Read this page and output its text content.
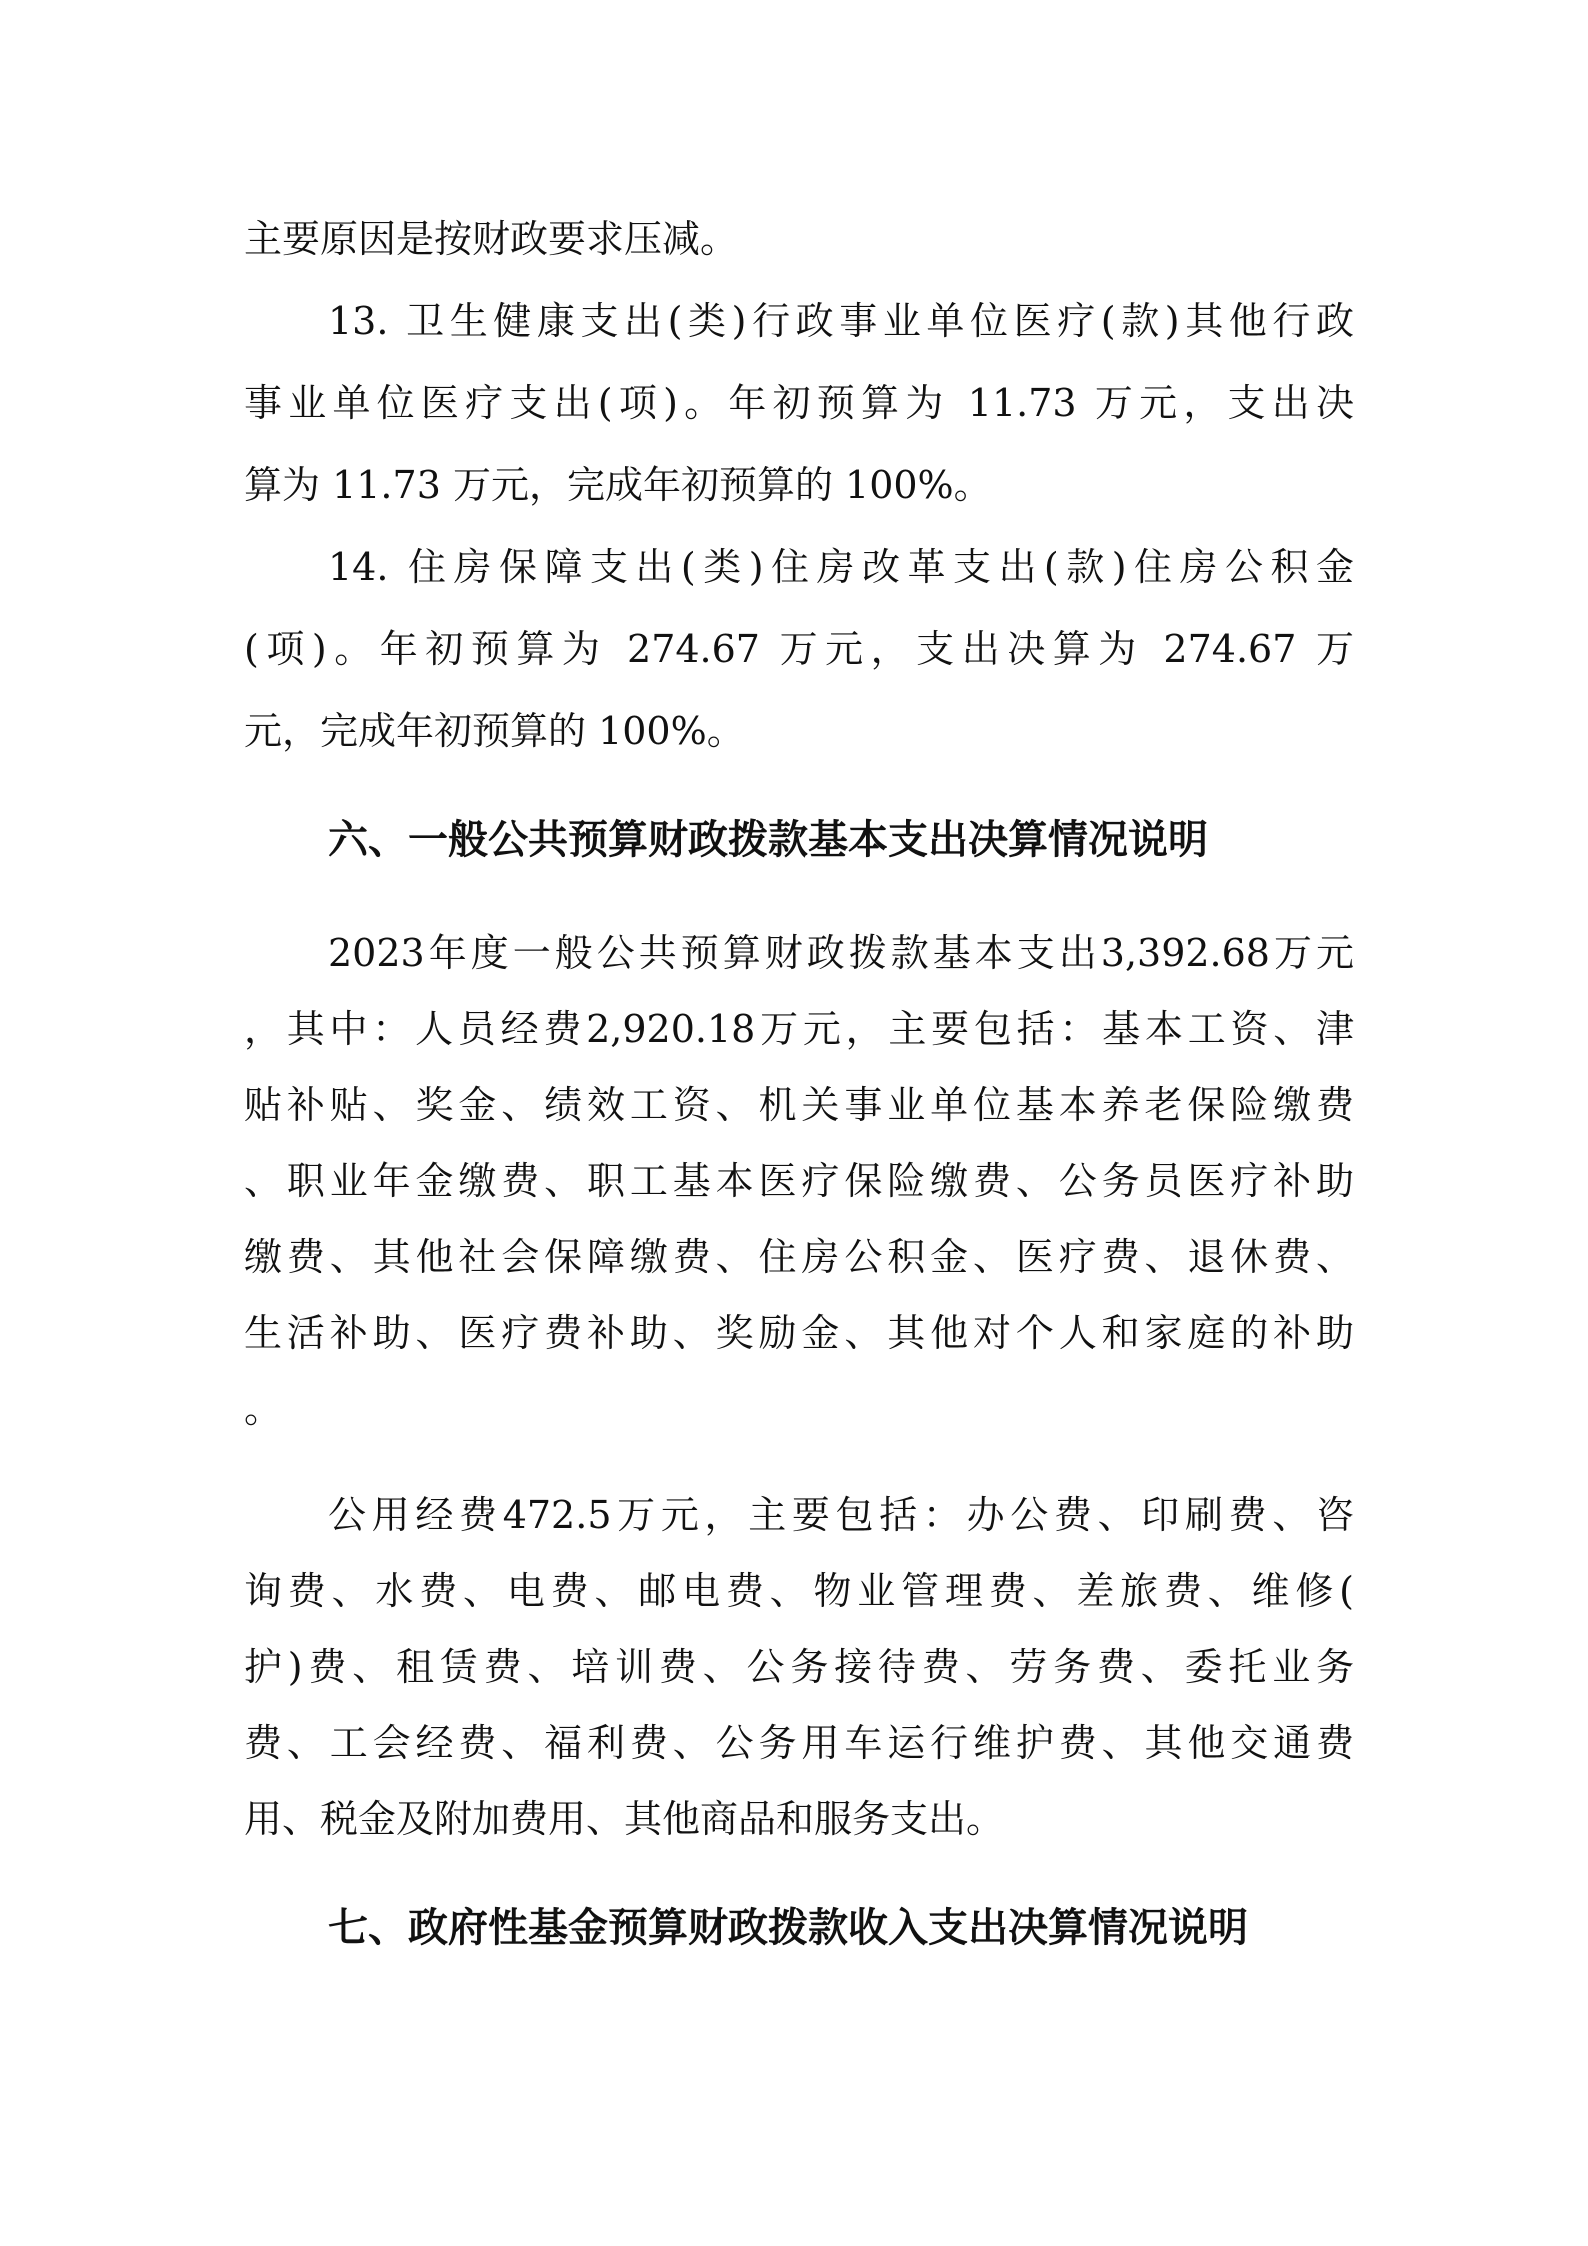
主要原因是按财政要求压减。
13. 卫生健康支出(类)行政事业单位医疗(款)其他行政
事业单位医疗支出(项)。年初预算为 11.73 万元，支出决
算为 11.73 万元，完成年初预算的 100%。
14. 住房保障支出(类)住房改革支出(款)住房公积金
(项)。年初预算为 274.67 万元，支出决算为 274.67 万
元，完成年初预算的 100%。
六、一般公共预算财政拨款基本支出决算情况说明
2023年度一般公共预算财政拨款基本支出3,392.68万元
，其中：人员经费2,920.18万元，主要包括：基本工资、津
贴补贴、奖金、绩效工资、机关事业单位基本养老保险缴费
、职业年金缴费、职工基本医疗保险缴费、公务员医疗补助
缴费、其他社会保障缴费、住房公积金、医疗费、退休费、
生活补助、医疗费补助、奖励金、其他对个人和家庭的补助
。
公用经费472.5万元，主要包括：办公费、印刷费、咨
询费、水费、电费、邮电费、物业管理费、差旅费、维修(
护)费、租赁费、培训费、公务接待费、劳务费、委托业务
费、工会经费、福利费、公务用车运行维护费、其他交通费
用、税金及附加费用、其他商品和服务支出。
七、政府性基金预算财政拨款收入支出决算情况说明
